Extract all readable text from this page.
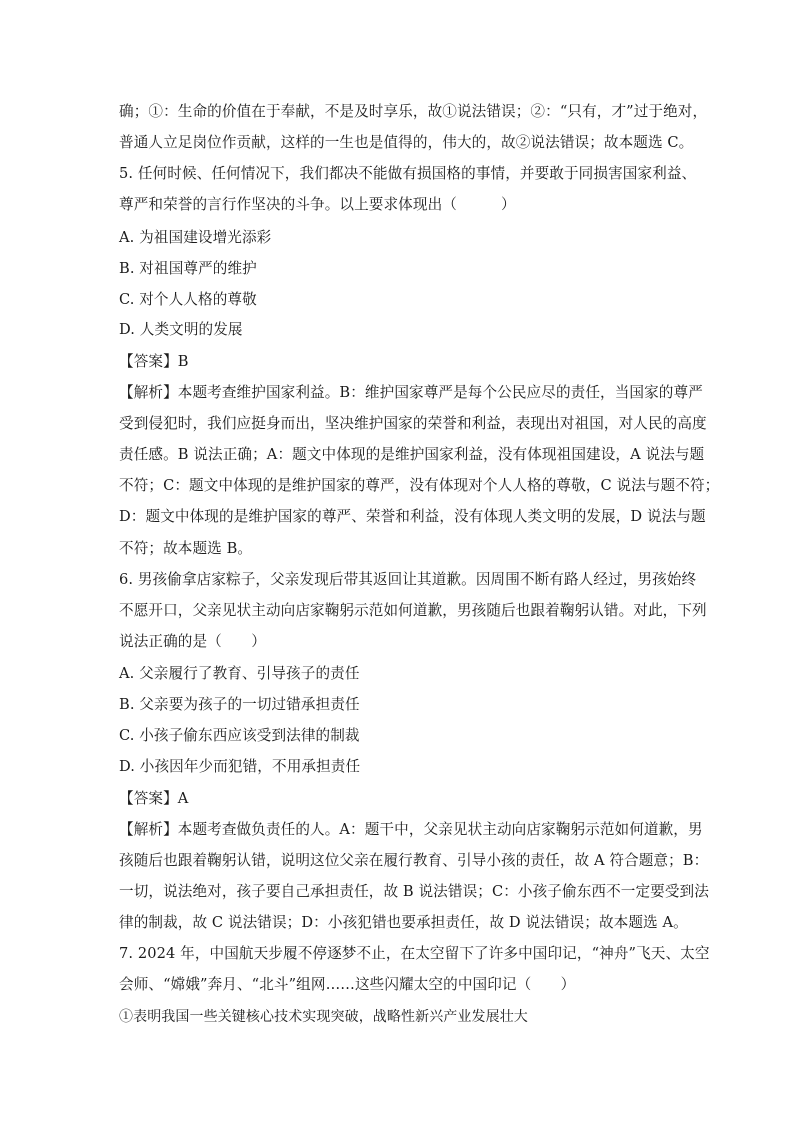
确；①：生命的价值在于奉献，不是及时享乐，故①说法错误；②：“只有，才”过于绝对，
普通人立足岗位作贡献，这样的一生也是值得的，伟大的，故②说法错误；故本题选 C。
5. 任何时候、任何情况下，我们都决不能做有损国格的事情，并要敢于同损害国家利益、
尊严和荣誉的言行作坚决的斗争。以上要求体现出（　　　）
A. 为祖国建设增光添彩
B. 对祖国尊严的维护
C. 对个人人格的尊敬
D. 人类文明的发展
【答案】B
【解析】本题考查维护国家利益。B：维护国家尊严是每个公民应尽的责任，当国家的尊严
受到侵犯时，我们应挺身而出，坚决维护国家的荣誉和利益，表现出对祖国，对人民的高度
责任感。B 说法正确；A：题文中体现的是维护国家利益，没有体现祖国建设，A 说法与题
不符；C：题文中体现的是维护国家的尊严，没有体现对个人人格的尊敬，C 说法与题不符；
D：题文中体现的是维护国家的尊严、荣誉和利益，没有体现人类文明的发展，D 说法与题
不符；故本题选 B。
6. 男孩偷拿店家粽子，父亲发现后带其返回让其道歉。因周围不断有路人经过，男孩始终
不愿开口，父亲见状主动向店家鞠躬示范如何道歉，男孩随后也跟着鞠躬认错。对此，下列
说法正确的是（　　）
A. 父亲履行了教育、引导孩子的责任
B. 父亲要为孩子的一切过错承担责任
C. 小孩子偷东西应该受到法律的制裁
D. 小孩因年少而犯错，不用承担责任
【答案】A
【解析】本题考查做负责任的人。A：题干中，父亲见状主动向店家鞠躬示范如何道歉，男
孩随后也跟着鞠躬认错，说明这位父亲在履行教育、引导小孩的责任，故 A 符合题意；B：
一切，说法绝对，孩子要自己承担责任，故 B 说法错误；C：小孩子偷东西不一定要受到法
律的制裁，故 C 说法错误；D：小孩犯错也要承担责任，故 D 说法错误；故本题选 A。
7. 2024 年，中国航天步履不停逐梦不止，在太空留下了许多中国印记，“神舟”飞天、太空
会师、“嫦娥”奔月、“北斗”组网……这些闪耀太空的中国印记（　　）
①表明我国一些关键核心技术实现突破，战略性新兴产业发展壮大
